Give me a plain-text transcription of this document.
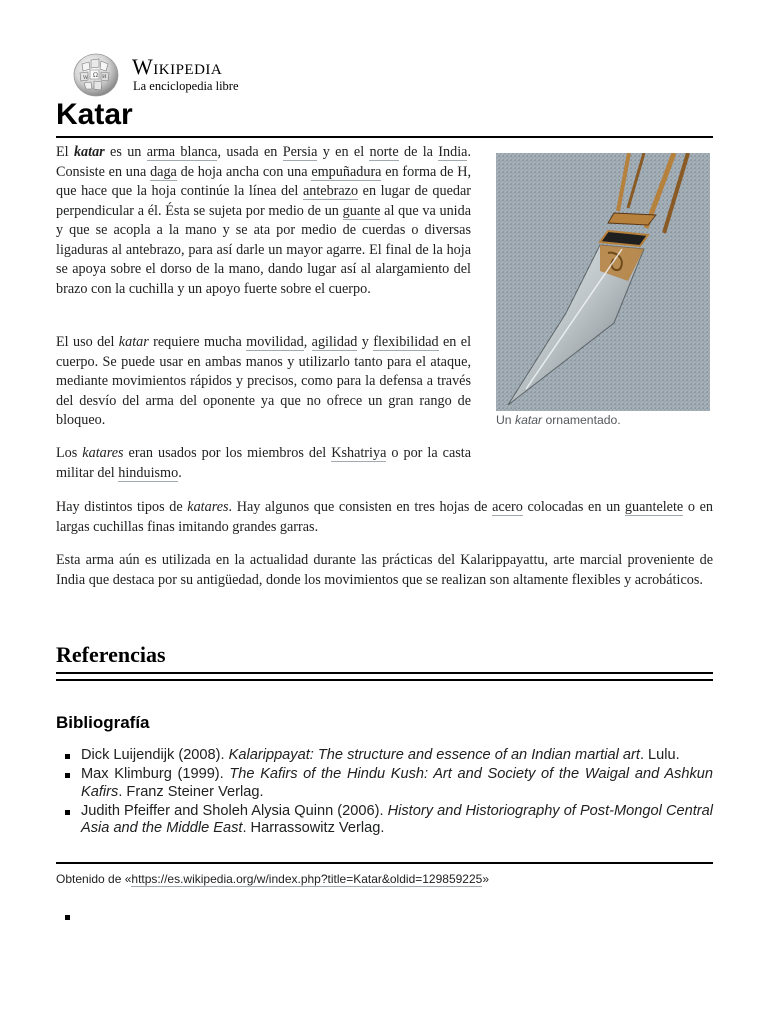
Ω
W	И Wikipedia
La enciclopedia libre
Katar

El katar es un arma blanca, usada en Persia y en el norte de la India. Consiste en una daga de hoja ancha con una empuñadura en forma de H, que hace que la hoja continúe la línea del antebrazo en lugar de quedar perpendicular a él. Ésta se sujeta por medio de un guante al que va unida y que se acopla a la mano y se ata por medio de cuerdas o diversas ligaduras al antebrazo, para así darle un mayor agarre. El final de la hoja se apoya sobre el dorso de la mano, dando lugar así al alargamiento del brazo con la cuchilla y un apoyo fuerte sobre el cuerpo.

Un katar ornamentado.

El uso del katar requiere mucha movilidad, agilidad y flexibilidad en el cuerpo. Se puede usar en ambas manos y utilizarlo tanto para el ataque, mediante movimientos rápidos y precisos, como para la defensa a través del desvío del arma del oponente ya que no ofrece un gran rango de bloqueo.

Los katares eran usados por los miembros del Kshatriya o por la casta militar del hinduismo.

Hay distintos tipos de katares. Hay algunos que consisten en tres hojas de acero colocadas en un guantelete o en largas cuchillas finas imitando grandes garras.

Esta arma aún es utilizada en la actualidad durante las prácticas del Kalarippayattu, arte marcial proveniente de India que destaca por su antigüedad, donde los movimientos que se realizan son altamente flexibles y acrobáticos.

Referencias
Bibliografía
Dick Luijendijk (2008). Kalarippayat: The structure and essence of an Indian martial art. Lulu.
Max Klimburg (1999). The Kafirs of the Hindu Kush: Art and Society of the Waigal and Ashkun Kafirs. Franz Steiner Verlag.
Judith Pfeiffer and Sholeh Alysia Quinn (2006). History and Historiography of Post-Mongol Central Asia and the Middle East. Harrassowitz Verlag.
Obtenido de «https://es.wikipedia.org/w/index.php?title=Katar&oldid=129859225»
